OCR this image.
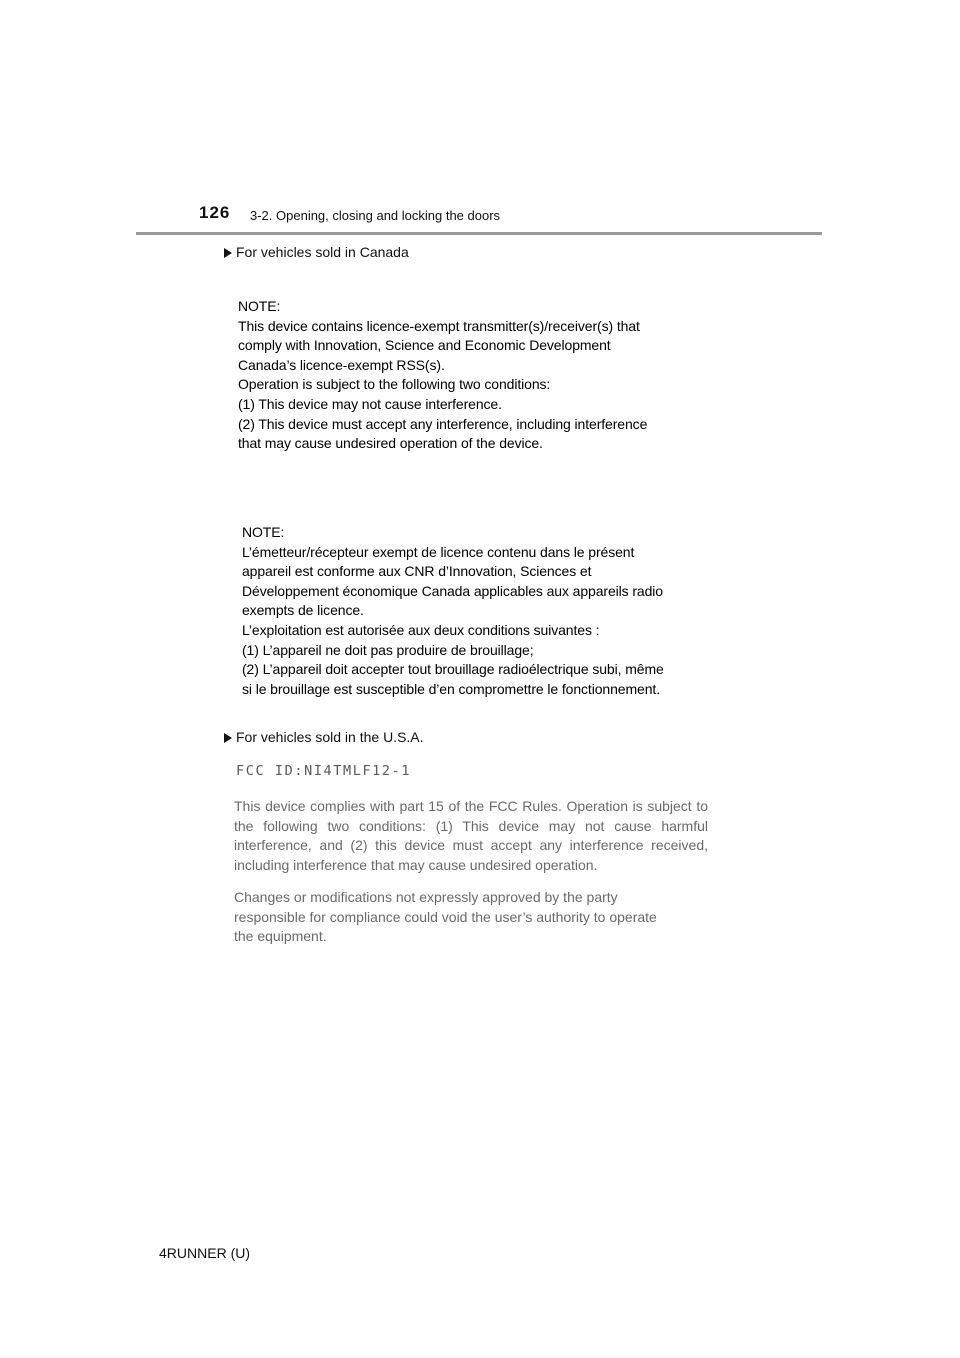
126 3-2. Opening, closing and locking the doors
For vehicles sold in Canada

NOTE:

This device contains licence-exempt transmitter(s)/receiver(s) that

comply with Innovation, Science and Economic Development

Canada’s licence-exempt RSS(s).

Operation is subject to the following two conditions:

(1) This device may not cause interference.

(2) This device must accept any interference, including interference

that may cause undesired operation of the device.

NOTE:

L’émetteur/récepteur exempt de licence contenu dans le présent

appareil est conforme aux CNR d’Innovation, Sciences et

Développement économique Canada applicables aux appareils radio

exempts de licence.

L’exploitation est autorisée aux deux conditions suivantes :

(1) L’appareil ne doit pas produire de brouillage;

(2) L’appareil doit accepter tout brouillage radioélectrique subi, même

si le brouillage est susceptible d’en compromettre le fonctionnement.

For vehicles sold in the U.S.A.
FCC ID:NI4TMLF12-1

This device complies with part 15 of the FCC Rules. Operation is subject to the following two conditions: (1) This device may not cause harmful interference, and (2) this device must accept any interference received, including interference that may cause undesired operation.

Changes or modifications not expressly approved by the party

responsible for compliance could void the user’s authority to operate

the equipment.

4RUNNER (U)
